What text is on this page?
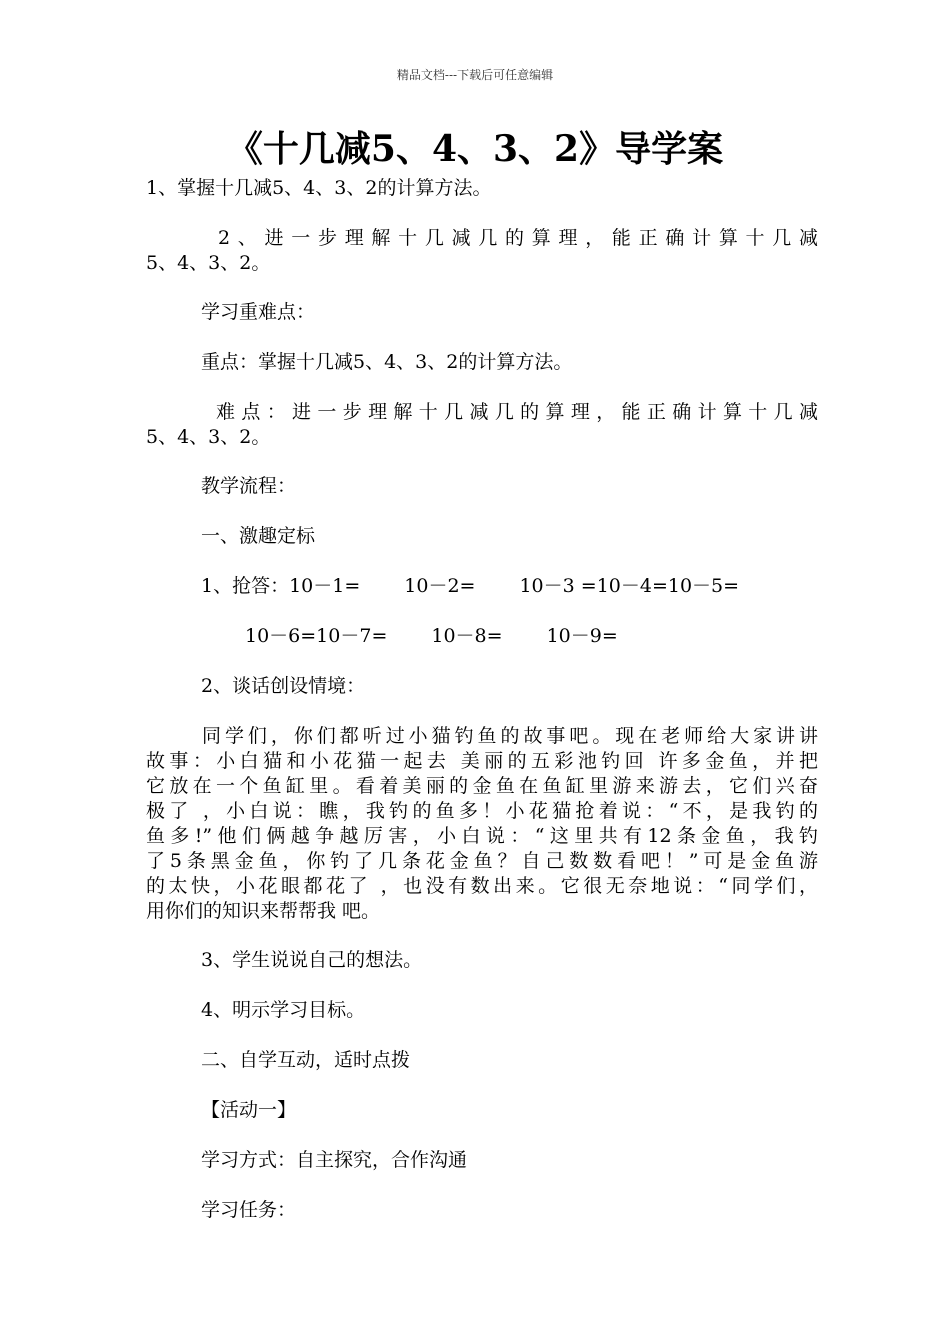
精品文档---下载后可任意编辑
《十几减5、4、3、2》导学案
1、掌握十几减5、4、3、2的计算方法。

2、进一步理解十几减几的算理，能正确计算十几减

5、4、3、2。

学习重难点：
重点：掌握十几减5、4、3、2的计算方法。

难点：进一步理解十几减几的算理，能正确计算十几减

5、4、3、2。

教学流程：
一、激趣定标
1、抢答：10－1= 10－2= 10－3 =10－4=10－5=
10－6=10－7= 10－8= 10－9=
2、谈话创设情境：

同学们，你们都听过小猫钓鱼的故事吧。现在老师给大家讲讲

故事：小白猫和小花猫一起去 美丽的五彩池钓回 许多金鱼，并把

它放在一个鱼缸里。看着美丽的金鱼在鱼缸里游来游去，它们兴奋

极了 ，小白说：瞧，我钓的鱼多！小花猫抢着说：“不，是我钓的

鱼多!”他们俩越争越厉害，小白说：“这里共有12条金鱼，我钓

了5条黑金鱼，你钓了几条花金鱼？自己数数看吧！”可是金鱼游

的太快，小花眼都花了 ，也没有数出来。它很无奈地说：“同学们，

用你们的知识来帮帮我 吧。

3、学生说说自己的想法。
4、明示学习目标。
二、自学互动，适时点拨
【活动一】
学习方式：自主探究，合作沟通
学习任务：
